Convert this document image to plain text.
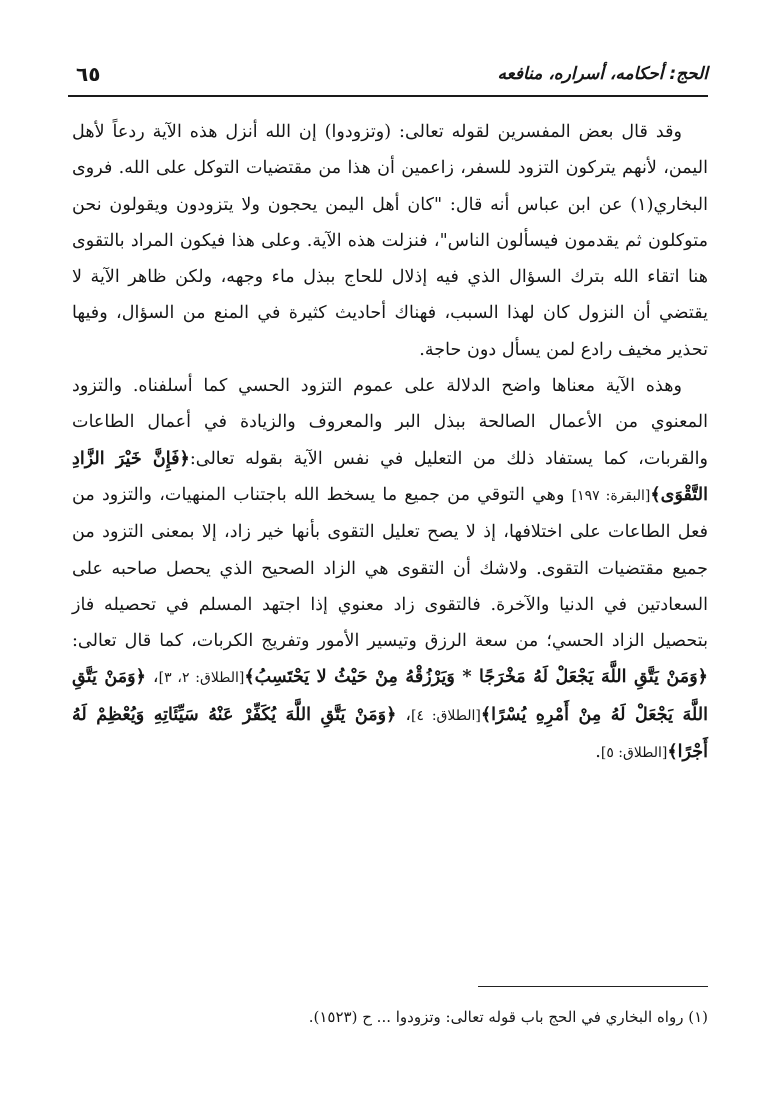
الحج: أحكامه، أسراره، منافعه
٦٥

وقد قال بعض المفسرين لقوله تعالى: (وتزودوا) إن الله أنزل هذه الآية ردعاً لأهل اليمن، لأنهم يتركون التزود للسفر، زاعمين أن هذا من مقتضيات التوكل على الله. فروى البخاري(١) عن ابن عباس أنه قال: "كان أهل اليمن يحجون ولا يتزودون ويقولون نحن متوكلون ثم يقدمون فيسألون الناس"، فنزلت هذه الآية. وعلى هذا فيكون المراد بالتقوى هنا اتقاء الله بترك السؤال الذي فيه إذلال للحاج ببذل ماء وجهه، ولكن ظاهر الآية لا يقتضي أن النزول كان لهذا السبب، فهناك أحاديث كثيرة في المنع من السؤال، وفيها تحذير مخيف رادع لمن يسأل دون حاجة.

وهذه الآية معناها واضح الدلالة على عموم التزود الحسي كما أسلفناه. والتزود المعنوي من الأعمال الصالحة ببذل البر والمعروف والزيادة في أعمال الطاعات والقربات، كما يستفاد ذلك من التعليل في نفس الآية بقوله تعالى:﴿فَإِنَّ خَيْرَ الزَّادِ التَّقْوَى﴾[البقرة: ١٩٧] وهي التوقي من جميع ما يسخط الله باجتناب المنهيات، والتزود من فعل الطاعات على اختلافها، إذ لا يصح تعليل التقوى بأنها خير زاد، إلا بمعنى التزود من جميع مقتضيات التقوى. ولاشك أن التقوى هي الزاد الصحيح الذي يحصل صاحبه على السعادتين في الدنيا والآخرة. فالتقوى زاد معنوي إذا اجتهد المسلم في تحصيله فاز بتحصيل الزاد الحسي؛ من سعة الرزق وتيسير الأمور وتفريج الكربات، كما قال تعالى: ﴿وَمَنْ يَتَّقِ اللَّهَ يَجْعَلْ لَهُ مَخْرَجًا * وَيَرْزُقْهُ مِنْ حَيْثُ لا يَحْتَسِبُ﴾[الطلاق: ٢، ٣]، ﴿وَمَنْ يَتَّقِ اللَّهَ يَجْعَلْ لَهُ مِنْ أَمْرِهِ يُسْرًا﴾[الطلاق: ٤]، ﴿وَمَنْ يَتَّقِ اللَّهَ يُكَفِّرْ عَنْهُ سَيِّئَاتِهِ وَيُعْظِمْ لَهُ أَجْرًا﴾[الطلاق: ٥].

(١) رواه البخاري في الحج باب قوله تعالى: وتزودوا ... ح (١٥٢٣).
